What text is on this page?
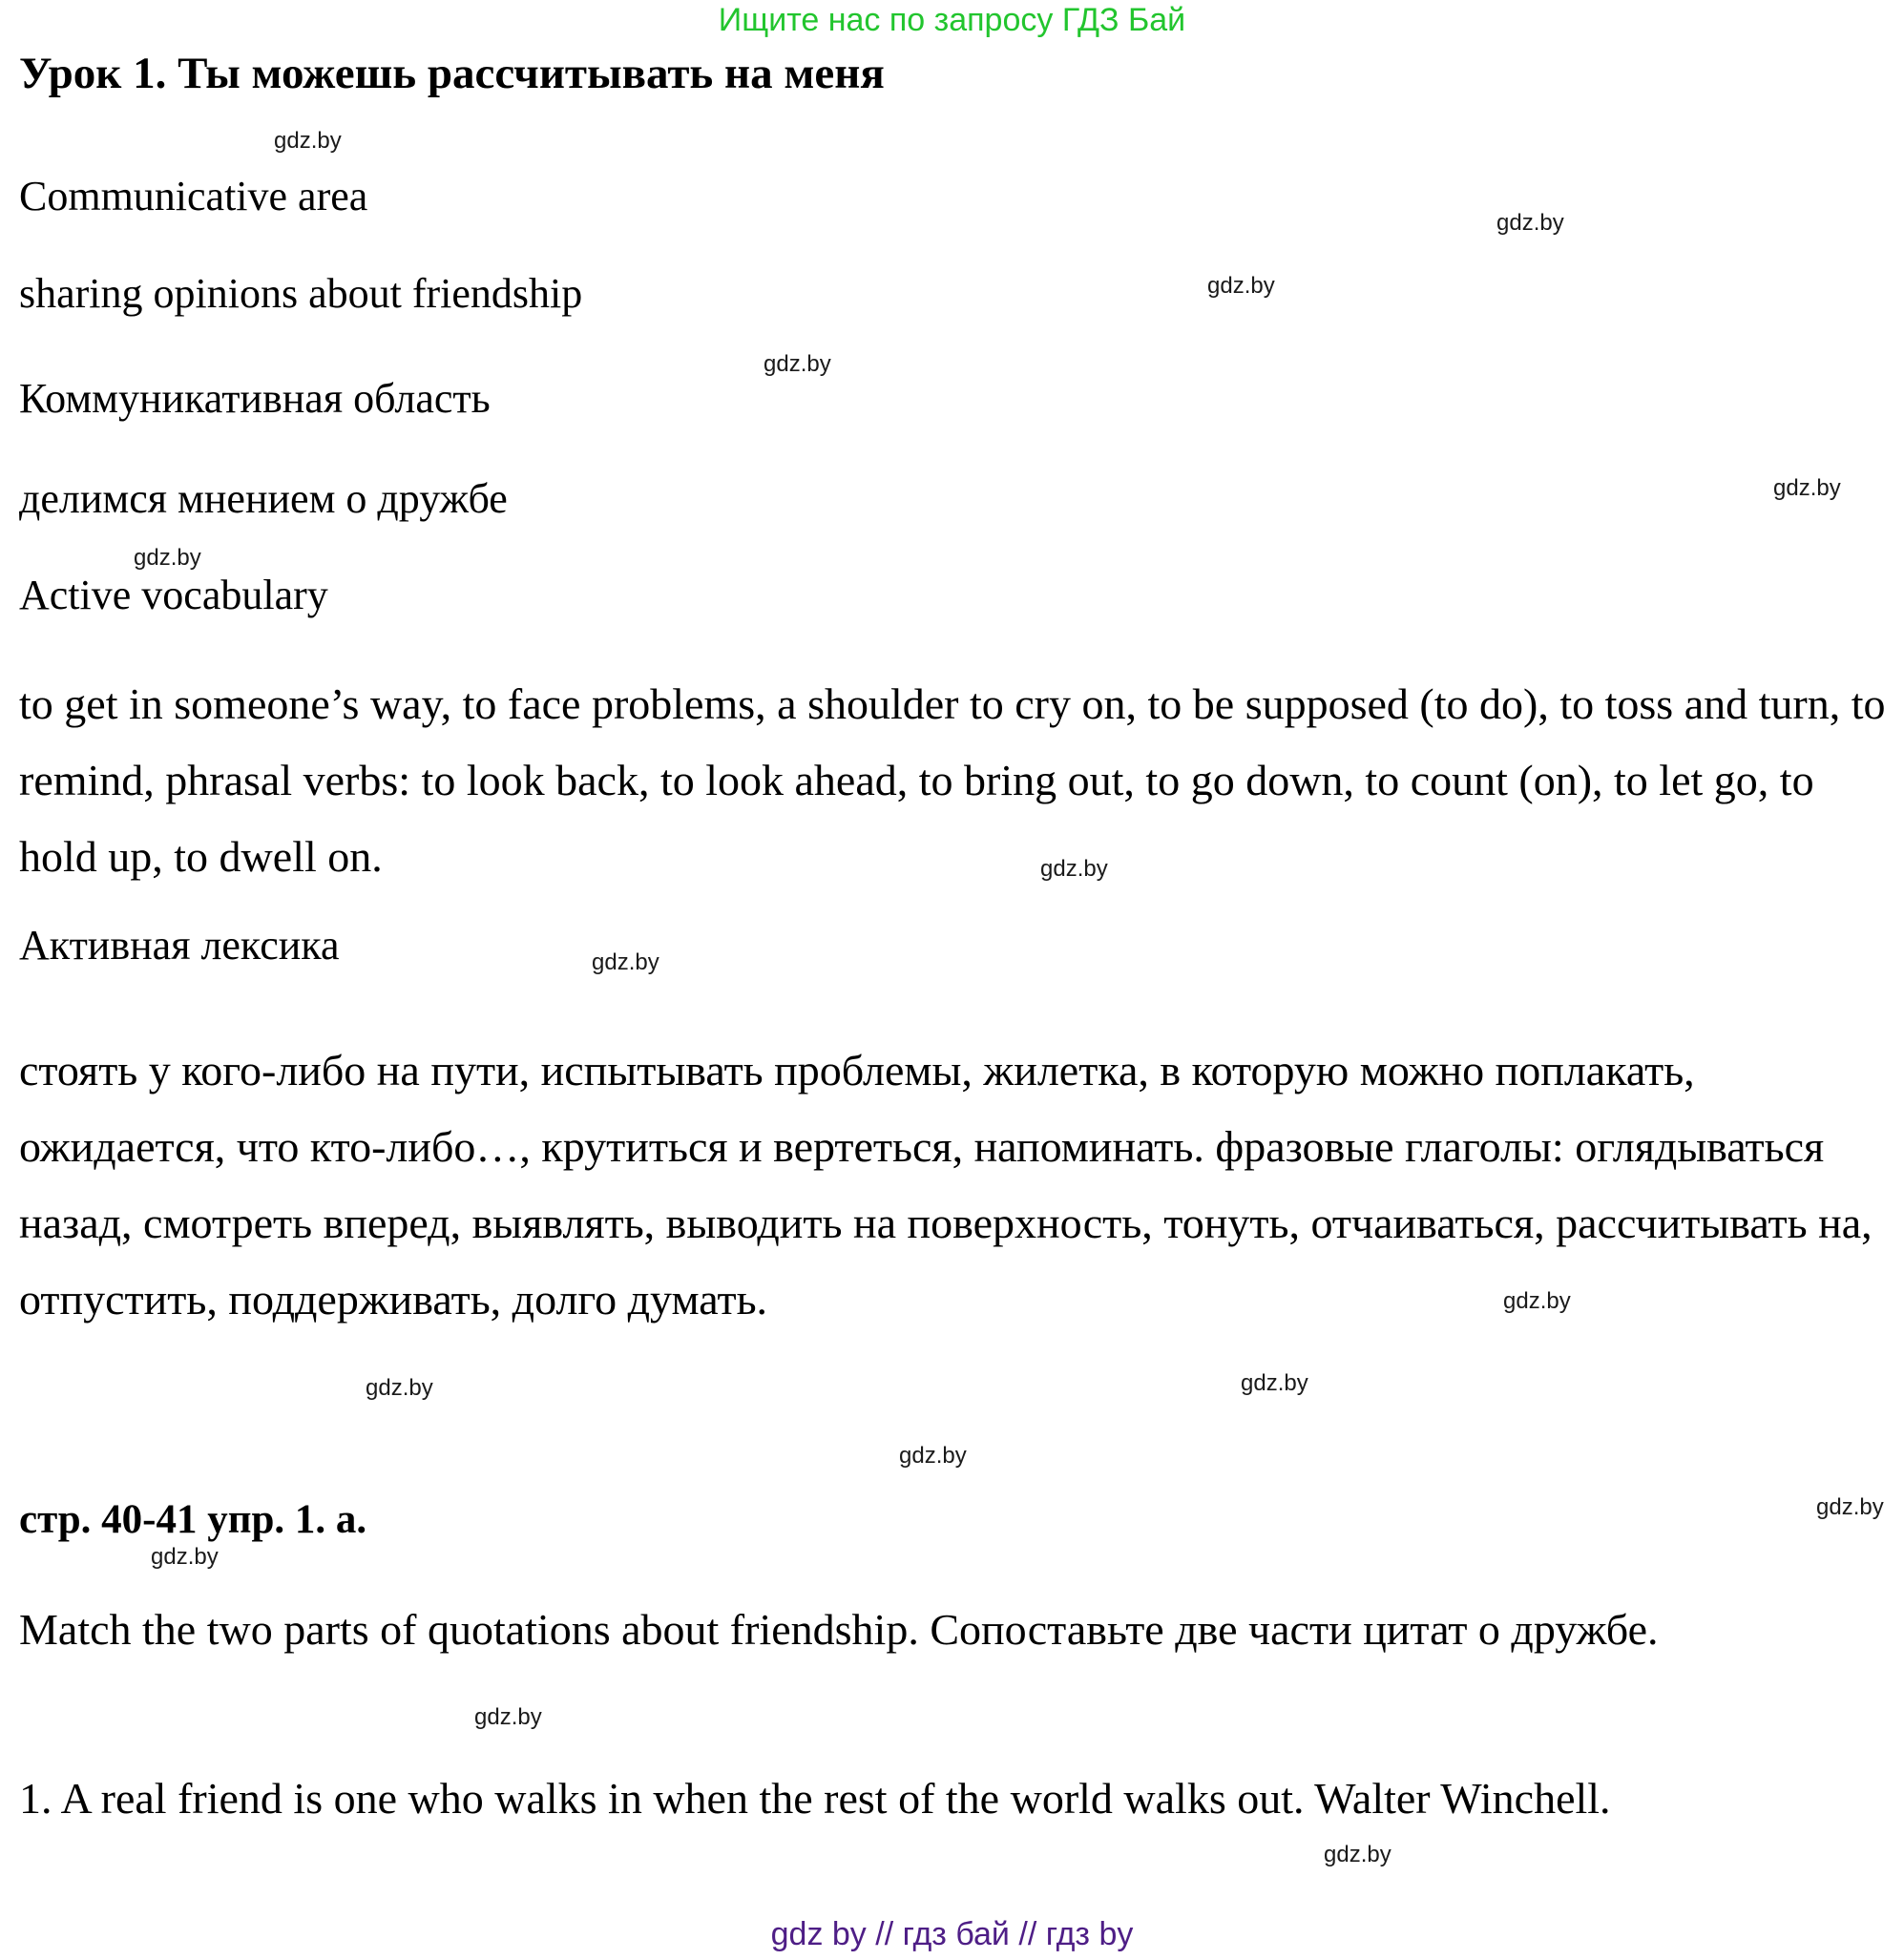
Ищите нас по запросу ГДЗ Бай
Урок 1. Ты можешь рассчитывать на меня
gdz.by
Communicative area
gdz.by
sharing opinions about friendship	gdz.by
gdz.by
Коммуникативная область
делимся мнением о дружбе	gdz.by
gdz.by
Active vocabulary
to get in someone’s way, to face problems, a shoulder to cry on, to be supposed (to do), to toss and turn, to remind, phrasal verbs: to look back, to look ahead, to bring out, to go down, to count (on), to let go, to hold up, to dwell on.	gdz.by
Активная лексика	gdz.by
стоять у кого-либо на пути, испытывать проблемы, жилетка, в которую можно поплакать, ожидается, что кто-либо…, крутиться и вертеться, напоминать. фразовые глаголы: оглядываться назад, смотреть вперед, выявлять, выводить на поверхность, тонуть, отчаиваться, рассчитывать на, отпустить, поддерживать, долго думать.	gdz.by
gdz.by
gdz.by
gdz.by
стр. 40-41 упр. 1. а.	gdz.by
gdz.by
Match the two parts of quotations about friendship. Сопоставьте две части цитат о дружбе.
gdz.by
1. A real friend is one who walks in when the rest of the world walks out. Walter Winchell.
gdz.by
gdz by // гдз бай // гдз by
